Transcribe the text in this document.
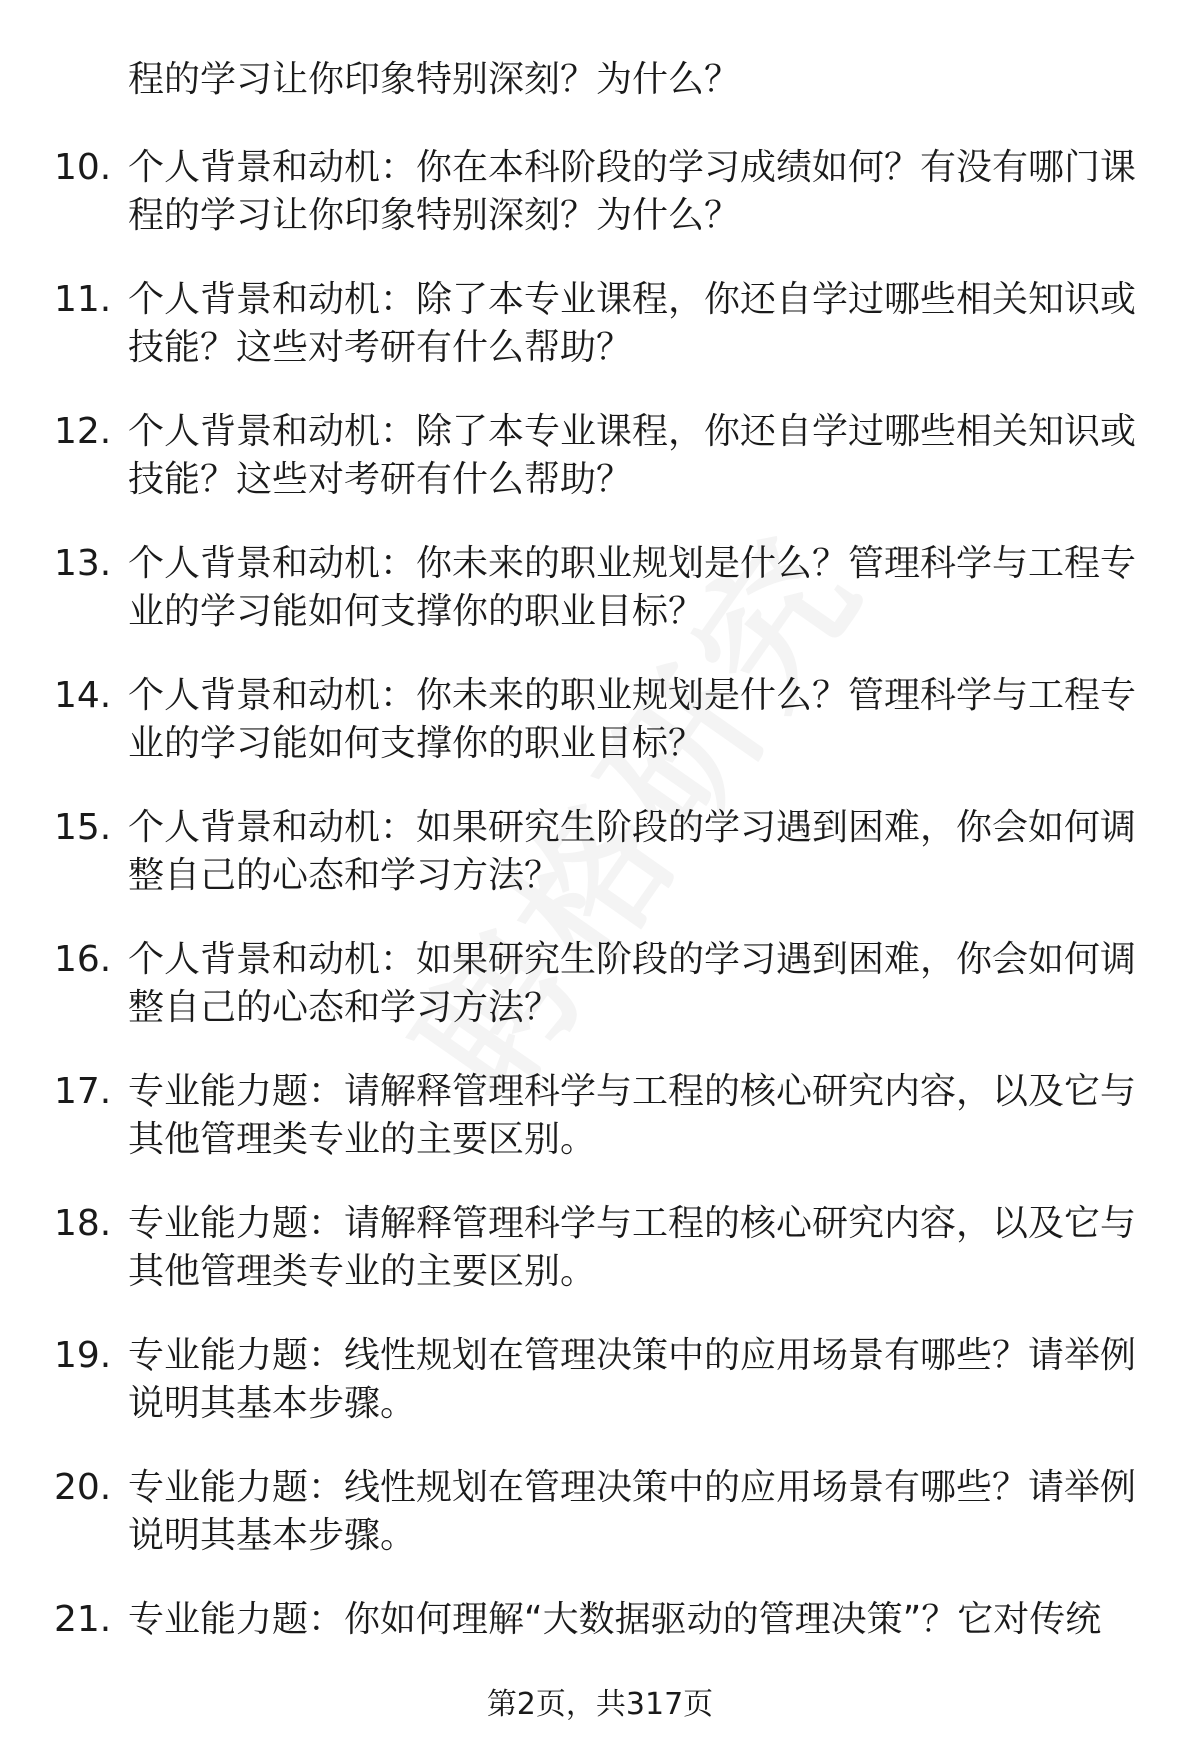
程的学习让你印象特别深刻？为什么？
10. 个人背景和动机：你在本科阶段的学习成绩如何？有没有哪门课
程的学习让你印象特别深刻？为什么？
11. 个人背景和动机：除了本专业课程，你还自学过哪些相关知识或
技能？这些对考研有什么帮助？
12. 个人背景和动机：除了本专业课程，你还自学过哪些相关知识或
技能？这些对考研有什么帮助？
13. 个人背景和动机：你未来的职业规划是什么？管理科学与工程专
业的学习能如何支撑你的职业目标？
14. 个人背景和动机：你未来的职业规划是什么？管理科学与工程专
业的学习能如何支撑你的职业目标？
15. 个人背景和动机：如果研究生阶段的学习遇到困难，你会如何调
整自己的心态和学习方法？
16. 个人背景和动机：如果研究生阶段的学习遇到困难，你会如何调
整自己的心态和学习方法？
17. 专业能力题：请解释管理科学与工程的核心研究内容，以及它与
其他管理类专业的主要区别。
18. 专业能力题：请解释管理科学与工程的核心研究内容，以及它与
其他管理类专业的主要区别。
19. 专业能力题：线性规划在管理决策中的应用场景有哪些？请举例
说明其基本步骤。
20. 专业能力题：线性规划在管理决策中的应用场景有哪些？请举例
说明其基本步骤。
21. 专业能力题：你如何理解“大数据驱动的管理决策”？它对传统
第2页，共317页
